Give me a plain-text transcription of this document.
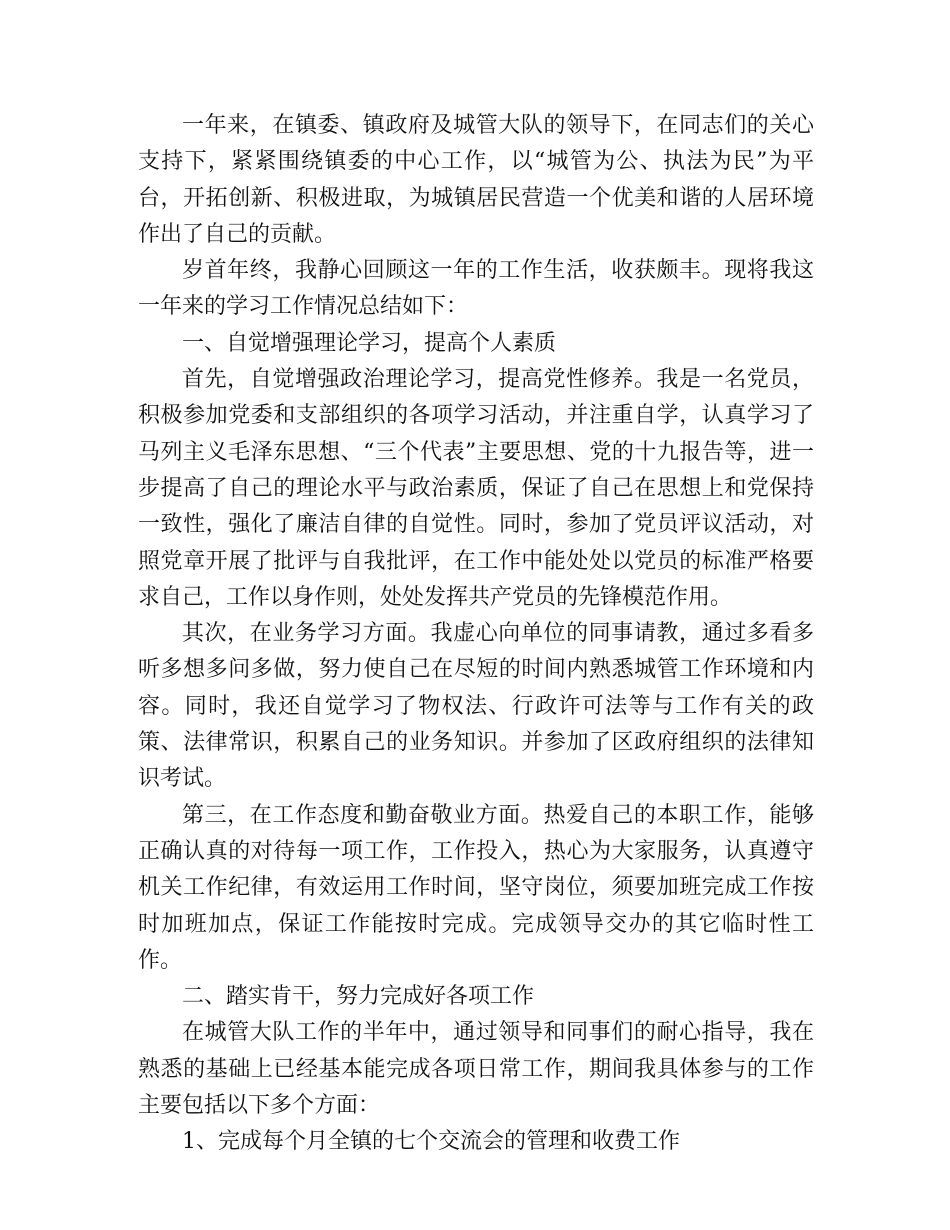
一年来，在镇委、镇政府及城管大队的领导下，在同志们的关心支持下，紧紧围绕镇委的中心工作，以“城管为公、执法为民”为平台，开拓创新、积极进取，为城镇居民营造一个优美和谐的人居环境作出了自己的贡献。

岁首年终，我静心回顾这一年的工作生活，收获颇丰。现将我这一年来的学习工作情况总结如下：

一、自觉增强理论学习，提高个人素质

首先，自觉增强政治理论学习，提高党性修养。我是一名党员，积极参加党委和支部组织的各项学习活动，并注重自学，认真学习了马列主义毛泽东思想、“三个代表”主要思想、党的十九报告等，进一步提高了自己的理论水平与政治素质，保证了自己在思想上和党保持一致性，强化了廉洁自律的自觉性。同时，参加了党员评议活动，对照党章开展了批评与自我批评，在工作中能处处以党员的标准严格要求自己，工作以身作则，处处发挥共产党员的先锋模范作用。

其次，在业务学习方面。我虚心向单位的同事请教，通过多看多听多想多问多做，努力使自己在尽短的时间内熟悉城管工作环境和内容。同时，我还自觉学习了物权法、行政许可法等与工作有关的政策、法律常识，积累自己的业务知识。并参加了区政府组织的法律知识考试。

第三，在工作态度和勤奋敬业方面。热爱自己的本职工作，能够正确认真的对待每一项工作，工作投入，热心为大家服务，认真遵守机关工作纪律，有效运用工作时间，坚守岗位，须要加班完成工作按时加班加点，保证工作能按时完成。完成领导交办的其它临时性工作。

二、踏实肯干，努力完成好各项工作

在城管大队工作的半年中，通过领导和同事们的耐心指导，我在熟悉的基础上已经基本能完成各项日常工作，期间我具体参与的工作主要包括以下多个方面：

1、完成每个月全镇的七个交流会的管理和收费工作
